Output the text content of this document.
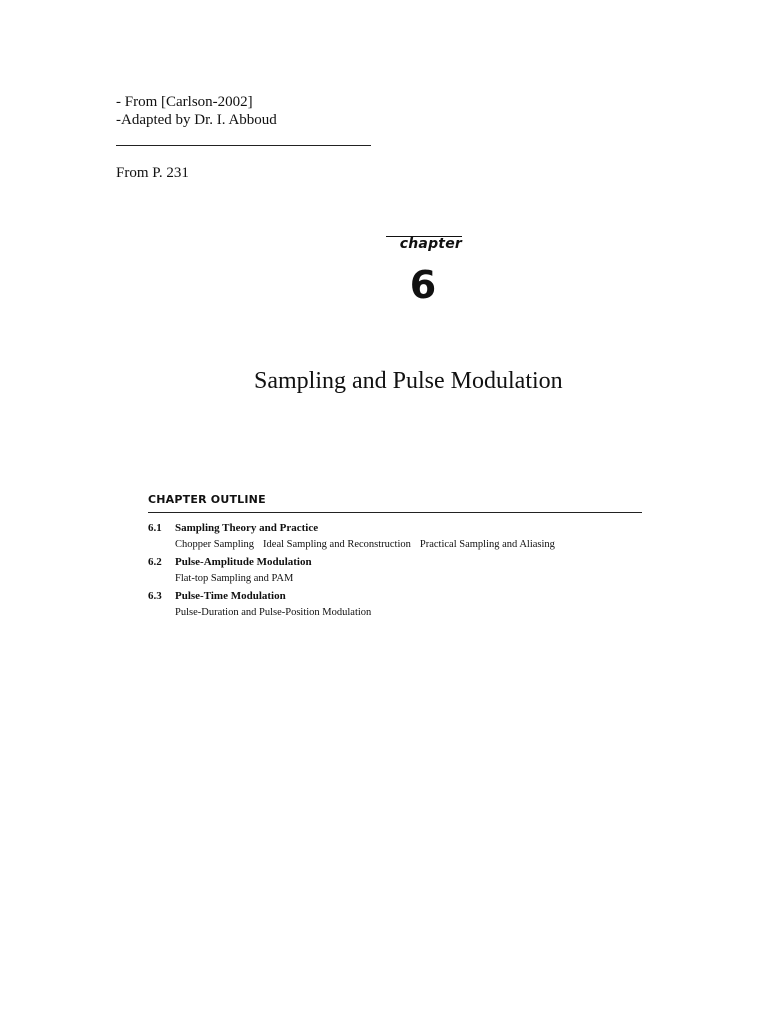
- From [Carlson-2002]
-Adapted by Dr. I. Abboud
From P. 231
chapter
6
Sampling and Pulse Modulation
CHAPTER OUTLINE
6.1 Sampling Theory and Practice
Chopper Sampling Ideal Sampling and Reconstruction Practical Sampling and Aliasing
6.2 Pulse-Amplitude Modulation
Flat-top Sampling and PAM
6.3 Pulse-Time Modulation
Pulse-Duration and Pulse-Position Modulation
